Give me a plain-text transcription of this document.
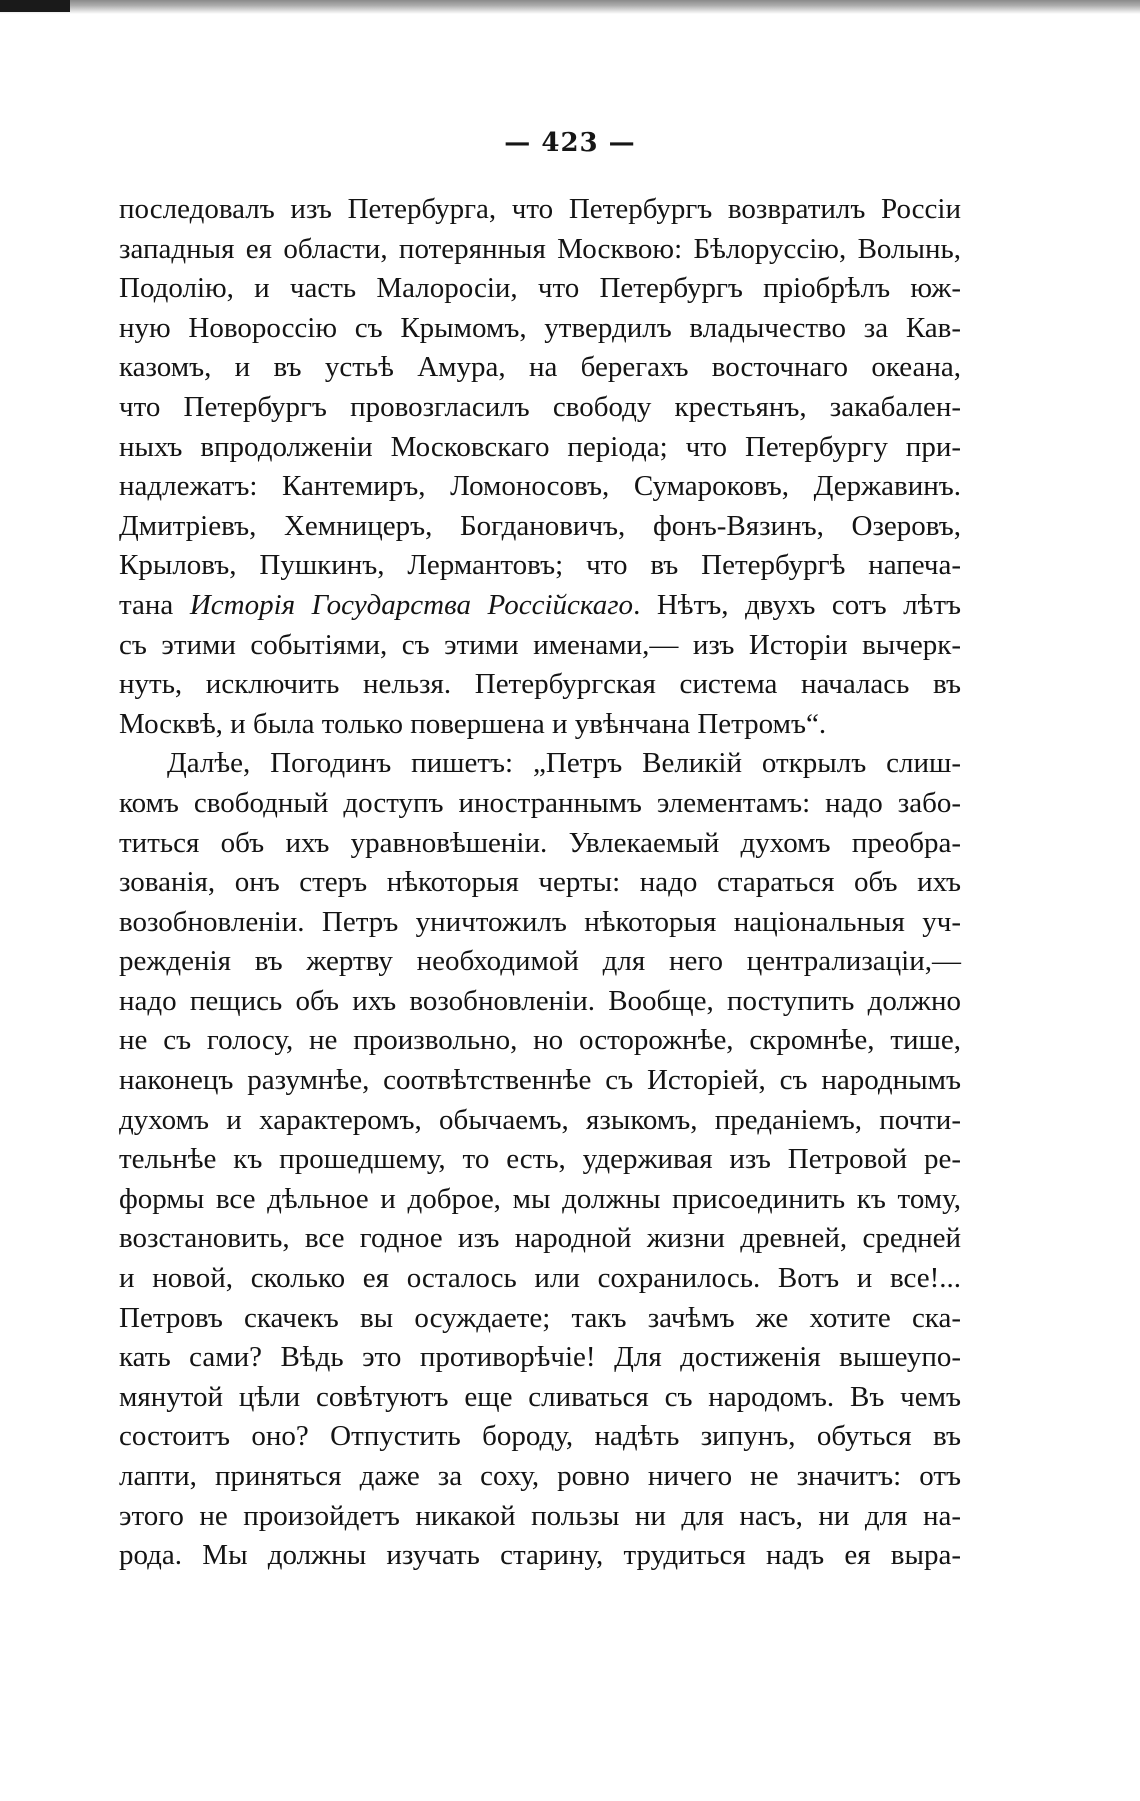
— 423 —
последовалъ изъ Петербурга, что Петербургъ возвратилъ Россіи
западныя ея области, потерянныя Москвою: Бѣлоруссію, Волынь,
Подолію, и часть Малоросіи, что Петербургъ пріобрѣлъ юж-
ную Новороссію съ Крымомъ, утвердилъ владычество за Кав-
казомъ, и въ устьѣ Амура, на берегахъ восточнаго океана,
что Петербургъ провозгласилъ свободу крестьянъ, закабален-
ныхъ впродолженіи Московскаго періода; что Петербургу при-
надлежатъ: Кантемиръ, Ломоносовъ, Сумароковъ, Державинъ.
Дмитріевъ, Хемницеръ, Богдановичъ, фонъ-Вязинъ, Озеровъ,
Крыловъ, Пушкинъ, Лермантовъ; что въ Петербургѣ напеча-
тана Исторія Государства Россійскаго. Нѣтъ, двухъ сотъ лѣтъ
съ этими событіями, съ этими именами,— изъ Исторіи вычерк-
нуть, исключить нельзя. Петербургская система началась въ
Москвѣ, и была только повершена и увѣнчана Петромъ“.
Далѣе, Погодинъ пишетъ: „Петръ Великій открылъ слиш-
комъ свободный доступъ иностраннымъ элементамъ: надо забо-
титься объ ихъ уравновѣшеніи. Увлекаемый духомъ преобра-
зованія, онъ стеръ нѣкоторыя черты: надо стараться объ ихъ
возобновленіи. Петръ уничтожилъ нѣкоторыя національныя уч-
режденія въ жертву необходимой для него централизаціи,—
надо пещись объ ихъ возобновленіи. Вообще, поступить должно
не съ голосу, не произвольно, но осторожнѣе, скромнѣе, тише,
наконецъ разумнѣе, соотвѣтственнѣе съ Исторіей, съ народнымъ
духомъ и характеромъ, обычаемъ, языкомъ, преданіемъ, почти-
тельнѣе къ прошедшему, то есть, удерживая изъ Петровой ре-
формы все дѣльное и доброе, мы должны присоединить къ тому,
возстановить, все годное изъ народной жизни древней, средней
и новой, сколько ея осталось или сохранилось. Вотъ и все!...
Петровъ скачекъ вы осуждаете; такъ зачѣмъ же хотите ска-
кать сами? Вѣдь это противорѣчіе! Для достиженія вышеупо-
мянутой цѣли совѣтуютъ еще сливаться съ народомъ. Въ чемъ
состоитъ оно? Отпустить бороду, надѣть зипунъ, обуться въ
лапти, приняться даже за соху, ровно ничего не значитъ: отъ
этого не произойдетъ никакой пользы ни для насъ, ни для на-
рода. Мы должны изучать старину, трудиться надъ ея выра-
